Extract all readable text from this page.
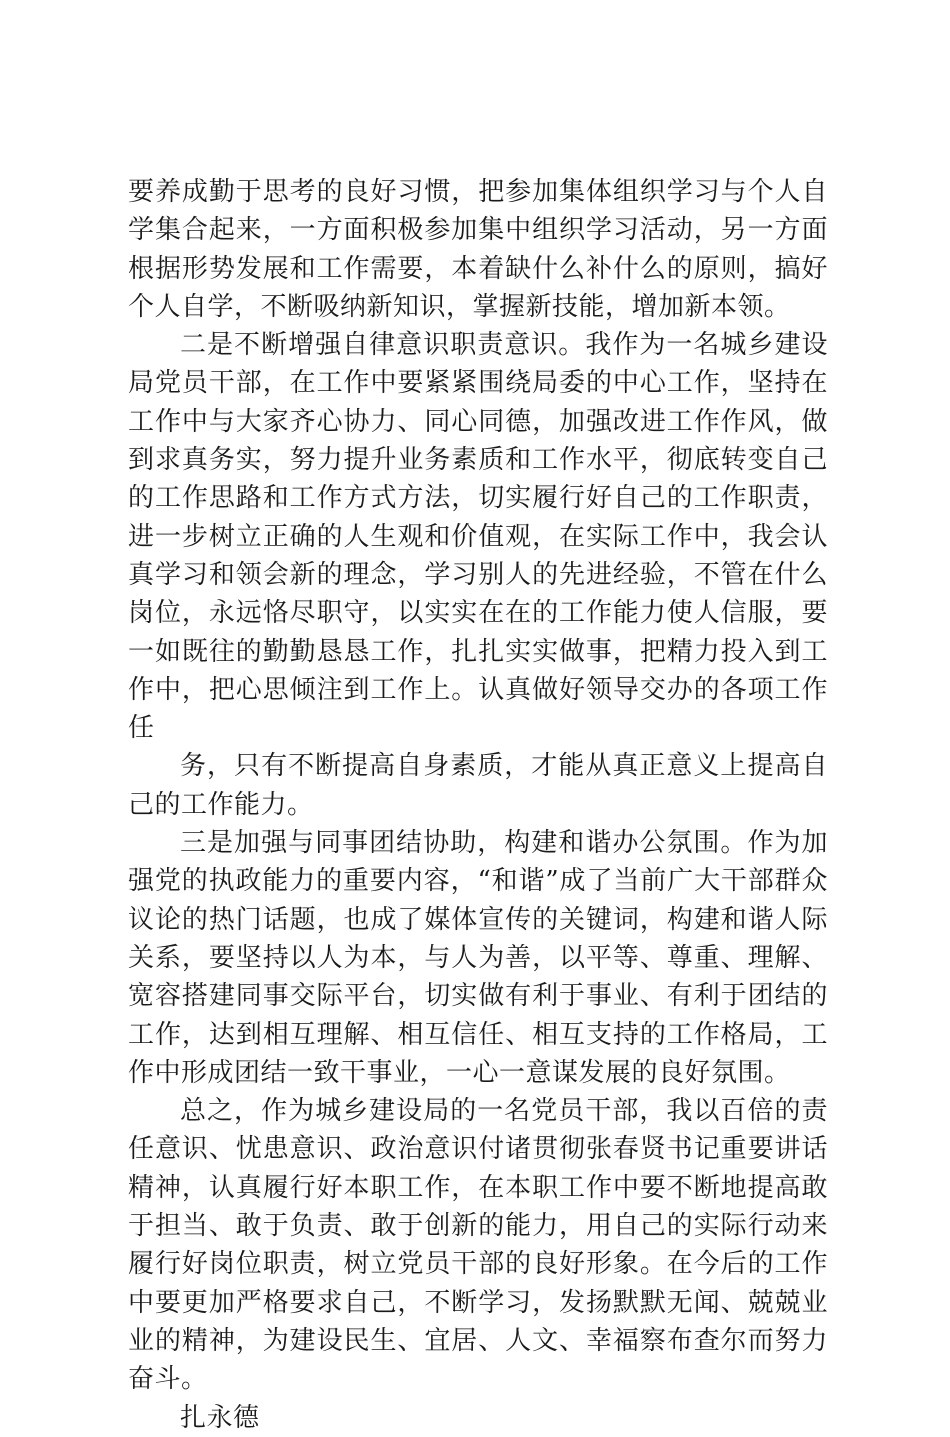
要养成勤于思考的良好习惯，把参加集体组织学习与个人自学集合起来，一方面积极参加集中组织学习活动，另一方面根据形势发展和工作需要，本着缺什么补什么的原则，搞好个人自学，不断吸纳新知识，掌握新技能，增加新本领。

二是不断增强自律意识职责意识。我作为一名城乡建设局党员干部，在工作中要紧紧围绕局委的中心工作，坚持在工作中与大家齐心协力、同心同德，加强改进工作作风，做到求真务实，努力提升业务素质和工作水平，彻底转变自己的工作思路和工作方式方法，切实履行好自己的工作职责，进一步树立正确的人生观和价值观，在实际工作中，我会认真学习和领会新的理念，学习别人的先进经验，不管在什么岗位，永远恪尽职守，以实实在在的工作能力使人信服，要一如既往的勤勤恳恳工作，扎扎实实做事，把精力投入到工作中，把心思倾注到工作上。认真做好领导交办的各项工作任

务，只有不断提高自身素质，才能从真正意义上提高自己的工作能力。

三是加强与同事团结协助，构建和谐办公氛围。作为加强党的执政能力的重要内容，“和谐”成了当前广大干部群众议论的热门话题，也成了媒体宣传的关键词，构建和谐人际关系，要坚持以人为本，与人为善，以平等、尊重、理解、宽容搭建同事交际平台，切实做有利于事业、有利于团结的工作，达到相互理解、相互信任、相互支持的工作格局，工作中形成团结一致干事业，一心一意谋发展的良好氛围。

总之，作为城乡建设局的一名党员干部，我以百倍的责任意识、忧患意识、政治意识付诸贯彻张春贤书记重要讲话精神，认真履行好本职工作，在本职工作中要不断地提高敢于担当、敢于负责、敢于创新的能力，用自己的实际行动来履行好岗位职责，树立党员干部的良好形象。在今后的工作中要更加严格要求自己，不断学习，发扬默默无闻、兢兢业业的精神，为建设民生、宜居、人文、幸福察布查尔而努力奋斗。

扎永德
